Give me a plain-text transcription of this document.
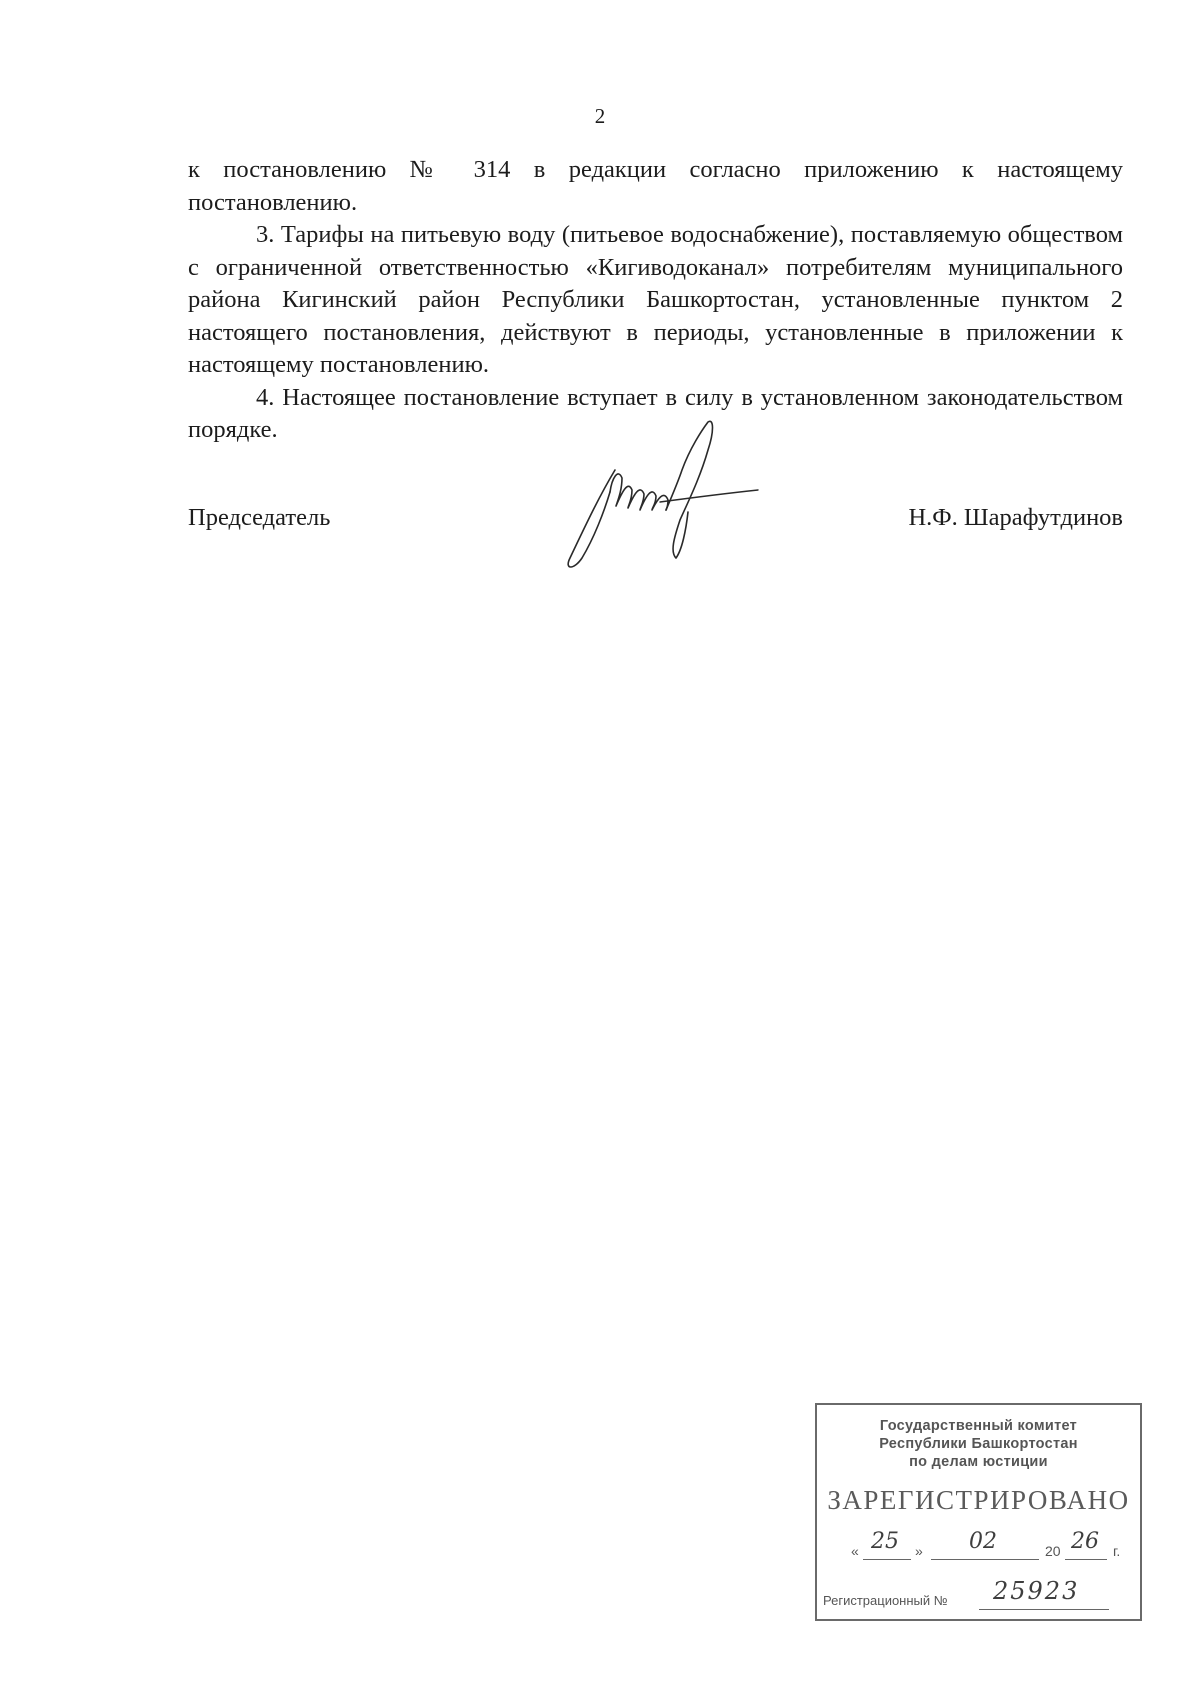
2

к постановлению № 314 в редакции согласно приложению к настоящему постановлению.

3. Тарифы на питьевую воду (питьевое водоснабжение), поставляемую обществом с ограниченной ответственностью «Кигиводоканал» потребителям муниципального района Кигинский район Республики Башкортостан, установленные пунктом 2 настоящего постановления, действуют в периоды, установленные в приложении к настоящему постановлению.

4. Настоящее постановление вступает в силу в установленном законодательством порядке.

Председатель	Н.Ф. Шарафутдинов
Государственный комитет
Республики Башкортостан
по делам юстиции
ЗАРЕГИСТРИРОВАНО
« 25 » 02	20 26 г.
Регистрационный № 25923
